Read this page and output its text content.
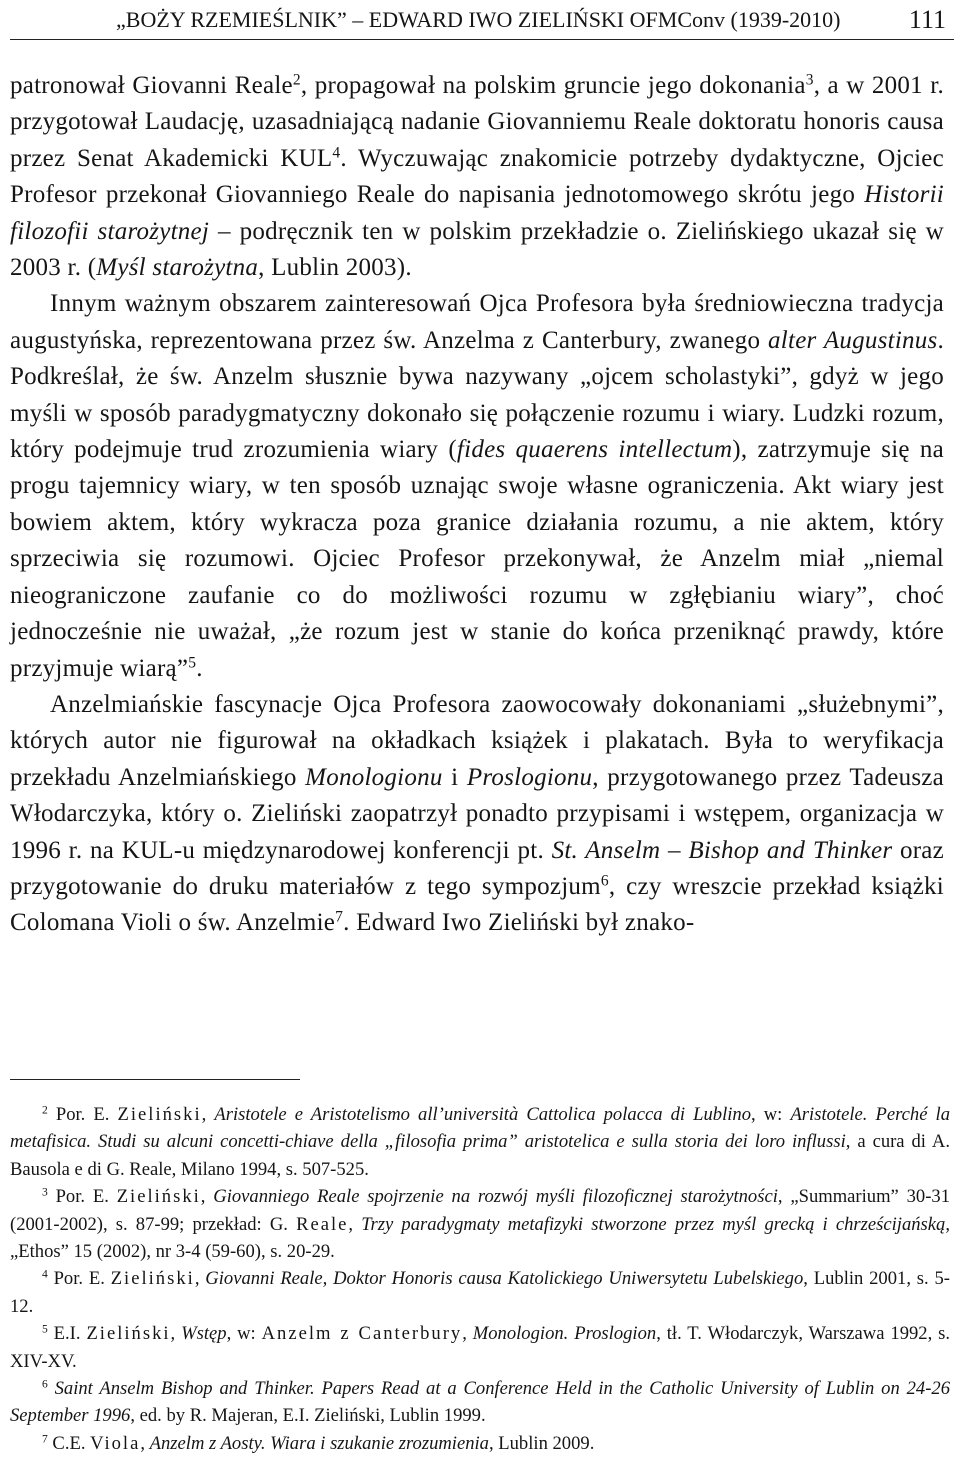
„BOŻY RZEMIEŚLNIK” – EDWARD IWO ZIELIŃSKI OFMConv (1939-2010)	111

patronował Giovanni Reale$^2$, propagował na polskim gruncie jego dokonania$^3$, a w 2001 r. przygotował Laudację, uzasadniającą nadanie Giovanniemu Reale doktoratu honoris causa przez Senat Akademicki KUL$^4$. Wyczuwając znakomicie potrzeby dydaktyczne, Ojciec Profesor przekonał Giovanniego Reale do napisania jednotomowego skrótu jego Historii filozofii starożytnej – podręcznik ten w polskim przekładzie o. Zielińskiego ukazał się w 2003 r. (Myśl starożytna, Lublin 2003).

Innym ważnym obszarem zainteresowań Ojca Profesora była średniowieczna tradycja augustyńska, reprezentowana przez św. Anzelma z Canterbury, zwanego alter Augustinus. Podkreślał, że św. Anzelm słusznie bywa nazywany „ojcem scholastyki”, gdyż w jego myśli w sposób paradygmatyczny dokonało się połączenie rozumu i wiary. Ludzki rozum, który podejmuje trud zrozumienia wiary (fides quaerens intellectum), zatrzymuje się na progu tajemnicy wiary, w ten sposób uznając swoje własne ograniczenia. Akt wiary jest bowiem aktem, który wykracza poza granice działania rozumu, a nie aktem, który sprzeciwia się rozumowi. Ojciec Profesor przekonywał, że Anzelm miał „niemal nieograniczone zaufanie co do możliwości rozumu w zgłębianiu wiary”, choć jednocześnie nie uważał, „że rozum jest w stanie do końca przeniknąć prawdy, które przyjmuje wiarą”$^5$.

Anzelmiańskie fascynacje Ojca Profesora zaowocowały dokonaniami „służebnymi”, których autor nie figurował na okładkach książek i plakatach. Była to weryfikacja przekładu Anzelmiańskiego Monologionu i Proslogionu, przygotowanego przez Tadeusza Włodarczyka, który o. Zieliński zaopatrzył ponadto przypisami i wstępem, organizacja w 1996 r. na KUL-u międzynarodowej konferencji pt. St. Anselm – Bishop and Thinker oraz przygotowanie do druku materiałów z tego sympozjum$^6$, czy wreszcie przekład książki Colomana Violi o św. Anzelmie$^7$. Edward Iwo Zieliński był znako-

$^2$ Por. E. Zieliński, Aristotele e Aristotelismo all’università Cattolica polacca di Lublino, w: Aristotele. Perché la metafisica. Studi su alcuni concetti-chiave della „filosofia prima” aristotelica e sulla storia dei loro influssi, a cura di A. Bausola e di G. Reale, Milano 1994, s. 507-525.

$^3$ Por. E. Zieliński, Giovanniego Reale spojrzenie na rozwój myśli filozoficznej starożytności, „Summarium” 30-31 (2001-2002), s. 87-99; przekład: G. Reale, Trzy paradygmaty metafizyki stworzone przez myśl grecką i chrześcijańską, „Ethos” 15 (2002), nr 3-4 (59-60), s. 20-29.

$^4$ Por. E. Zieliński, Giovanni Reale, Doktor Honoris causa Katolickiego Uniwersytetu Lubelskiego, Lublin 2001, s. 5-12.

$^5$ E.I. Zieliński, Wstęp, w: Anzelm z Canterbury, Monologion. Proslogion, tł. T. Włodarczyk, Warszawa 1992, s. XIV-XV.

$^6$ Saint Anselm Bishop and Thinker. Papers Read at a Conference Held in the Catholic University of Lublin on 24-26 September 1996, ed. by R. Majeran, E.I. Zieliński, Lublin 1999.

$^7$ C.E. Viola, Anzelm z Aosty. Wiara i szukanie zrozumienia, Lublin 2009.
